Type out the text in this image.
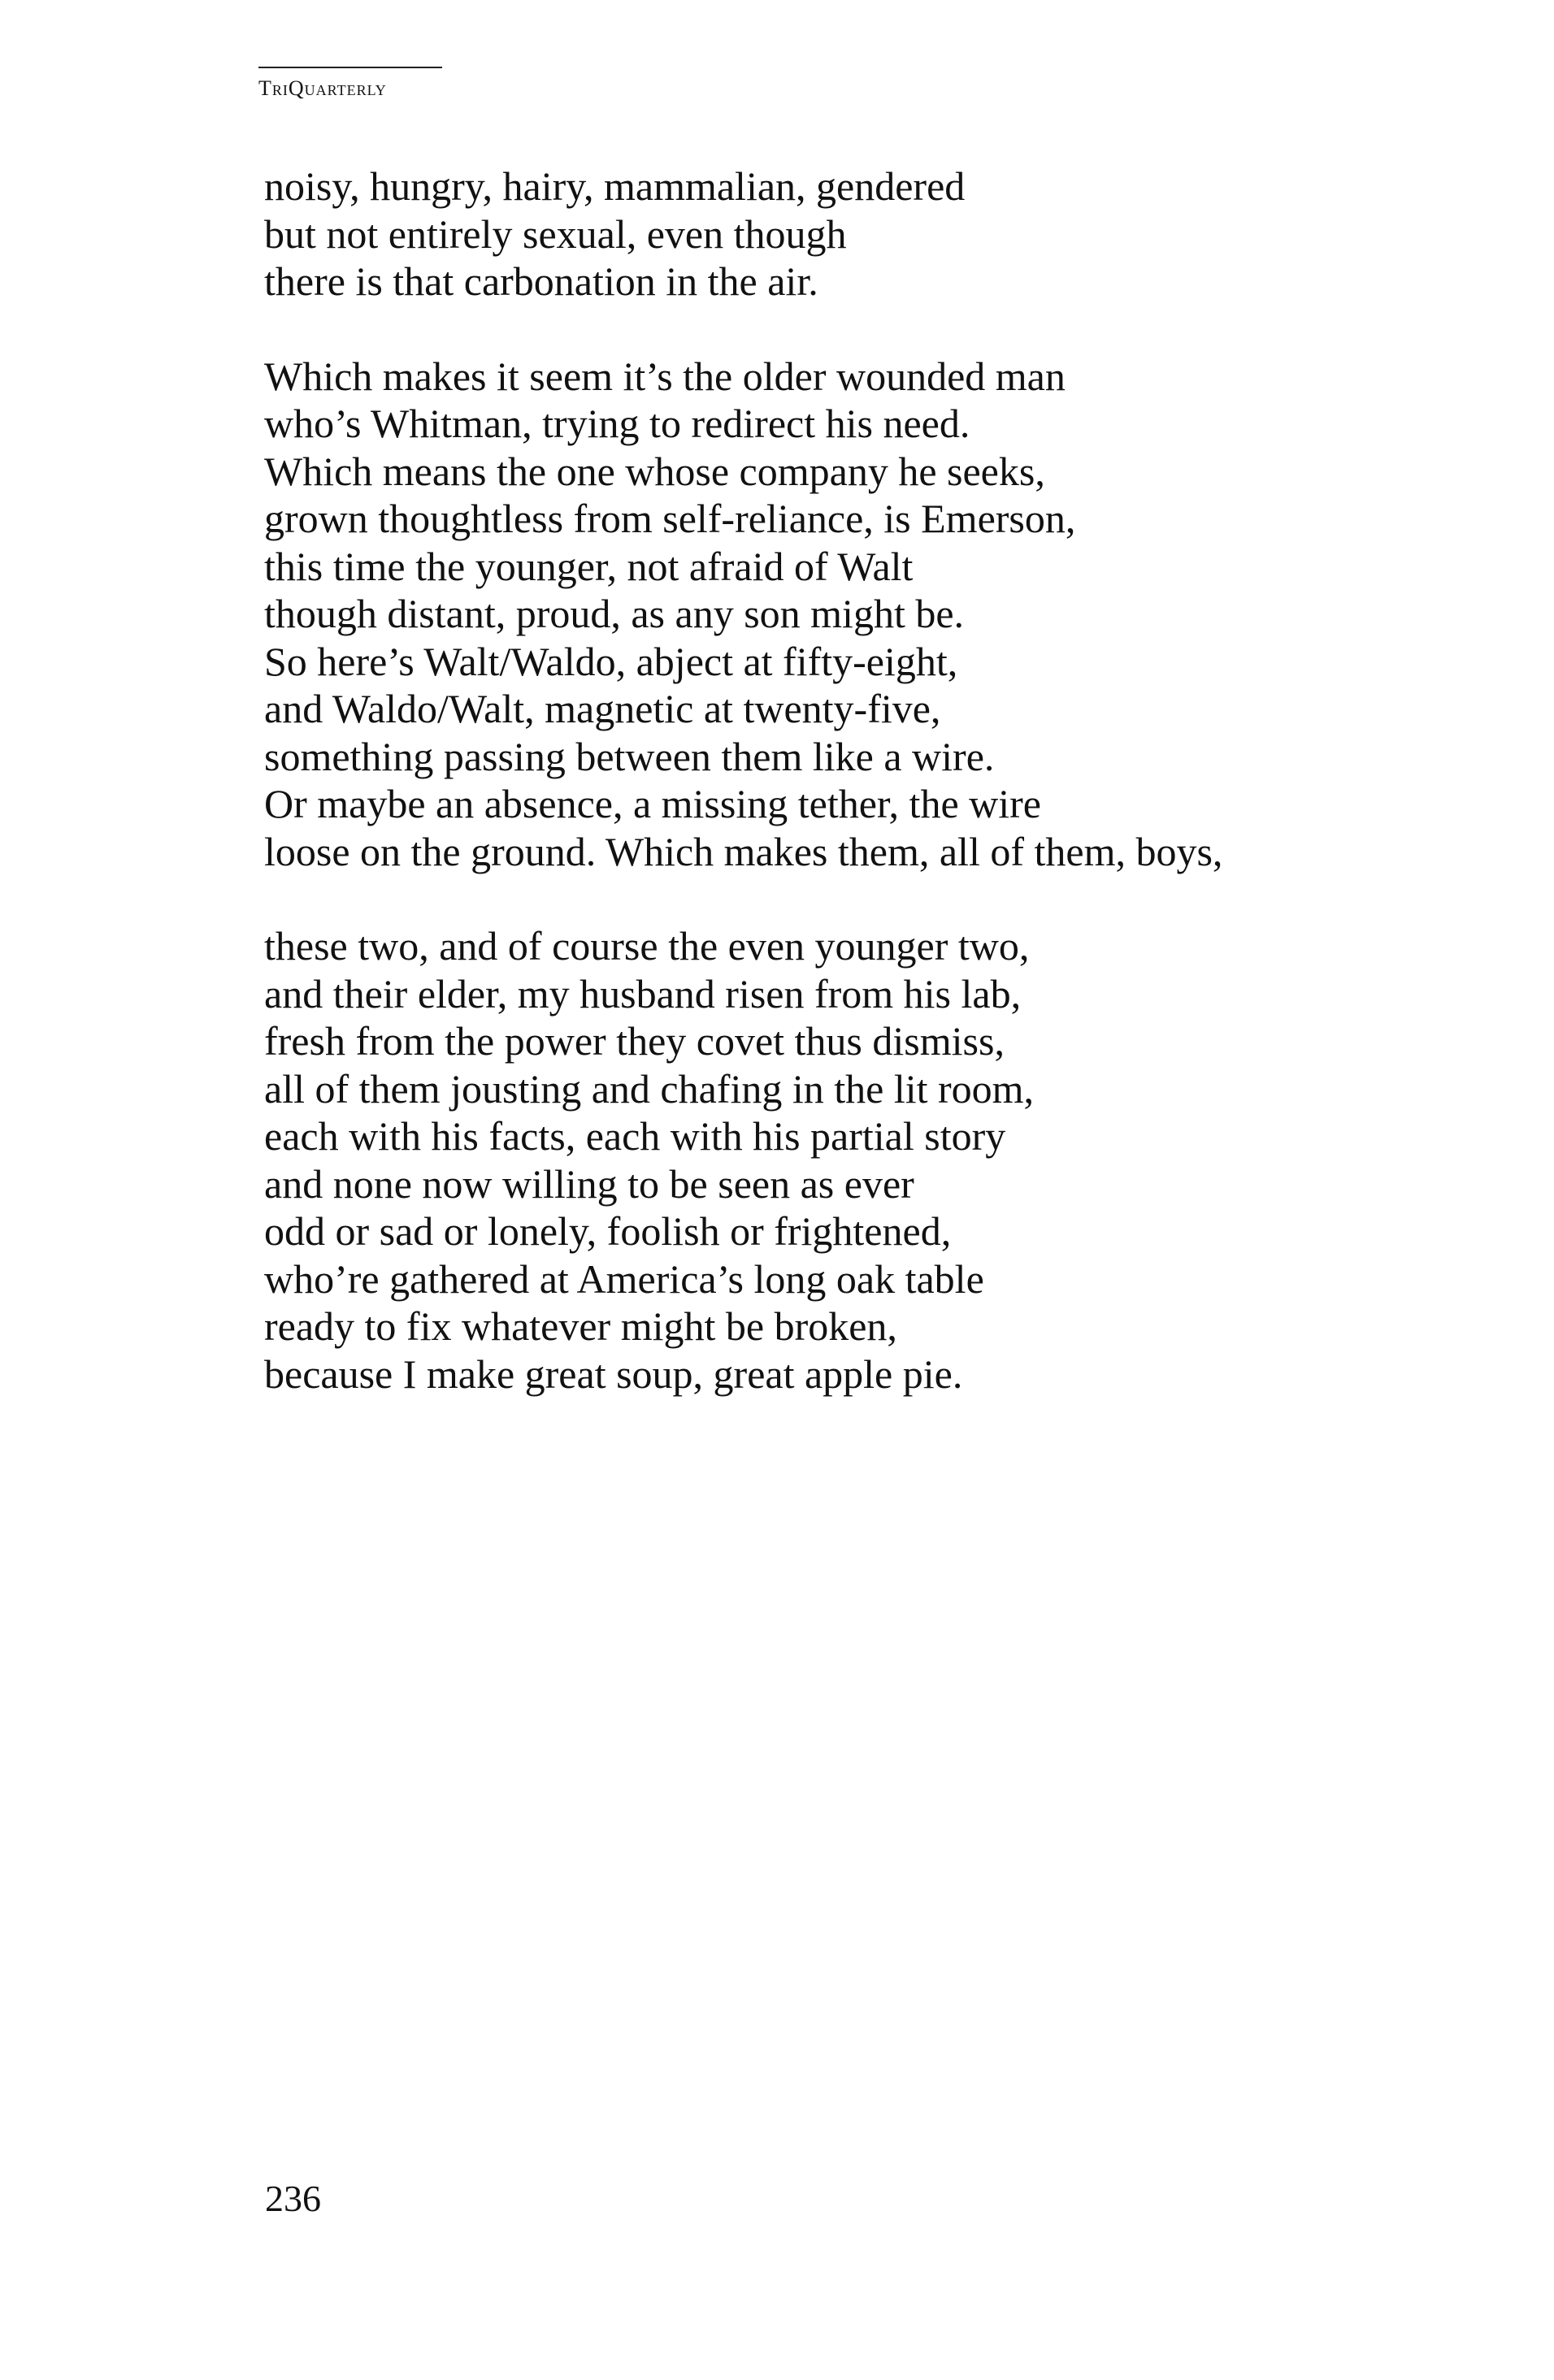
TriQuarterly
noisy, hungry, hairy, mammalian, gendered
but not entirely sexual, even though
there is that carbonation in the air.
Which makes it seem it’s the older wounded man
who’s Whitman, trying to redirect his need.
Which means the one whose company he seeks,
grown thoughtless from self-reliance, is Emerson,
this time the younger, not afraid of Walt
though distant, proud, as any son might be.
So here’s Walt/Waldo, abject at fifty-eight,
and Waldo/Walt, magnetic at twenty-five,
something passing between them like a wire.
Or maybe an absence, a missing tether, the wire
loose on the ground. Which makes them, all of them, boys,
these two, and of course the even younger two,
and their elder, my husband risen from his lab,
fresh from the power they covet thus dismiss,
all of them jousting and chafing in the lit room,
each with his facts, each with his partial story
and none now willing to be seen as ever
odd or sad or lonely, foolish or frightened,
who’re gathered at America’s long oak table
ready to fix whatever might be broken,
because I make great soup, great apple pie.
236
